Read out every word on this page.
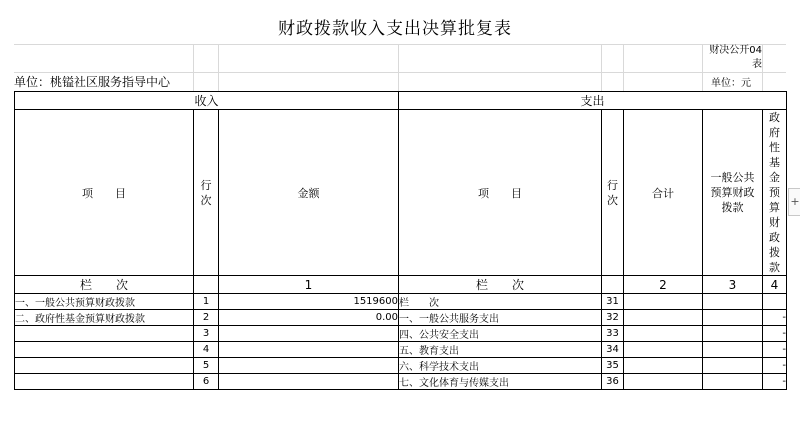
财政拨款收入支出决算批复表
财决公开04表
单位：桃镒社区服务指导中心	单位：元
收入			支出				
项　　目	行次	金额	项　　目	行次	合计	一般公共预算财政拨款	政府性基金预算财政拨款
栏　　次		1	栏　　次		2	3	4
一、一般公共预算财政拨款	1	1519600	栏　　次	31			
二、政府性基金预算财政拨款	2	0.00	一、一般公共服务支出	32			-
	3		四、公共安全支出	33			-
	4		五、教育支出	34			-
	5		六、科学技术支出	35			-
	6		七、文化体育与传媒支出	36			-
+
